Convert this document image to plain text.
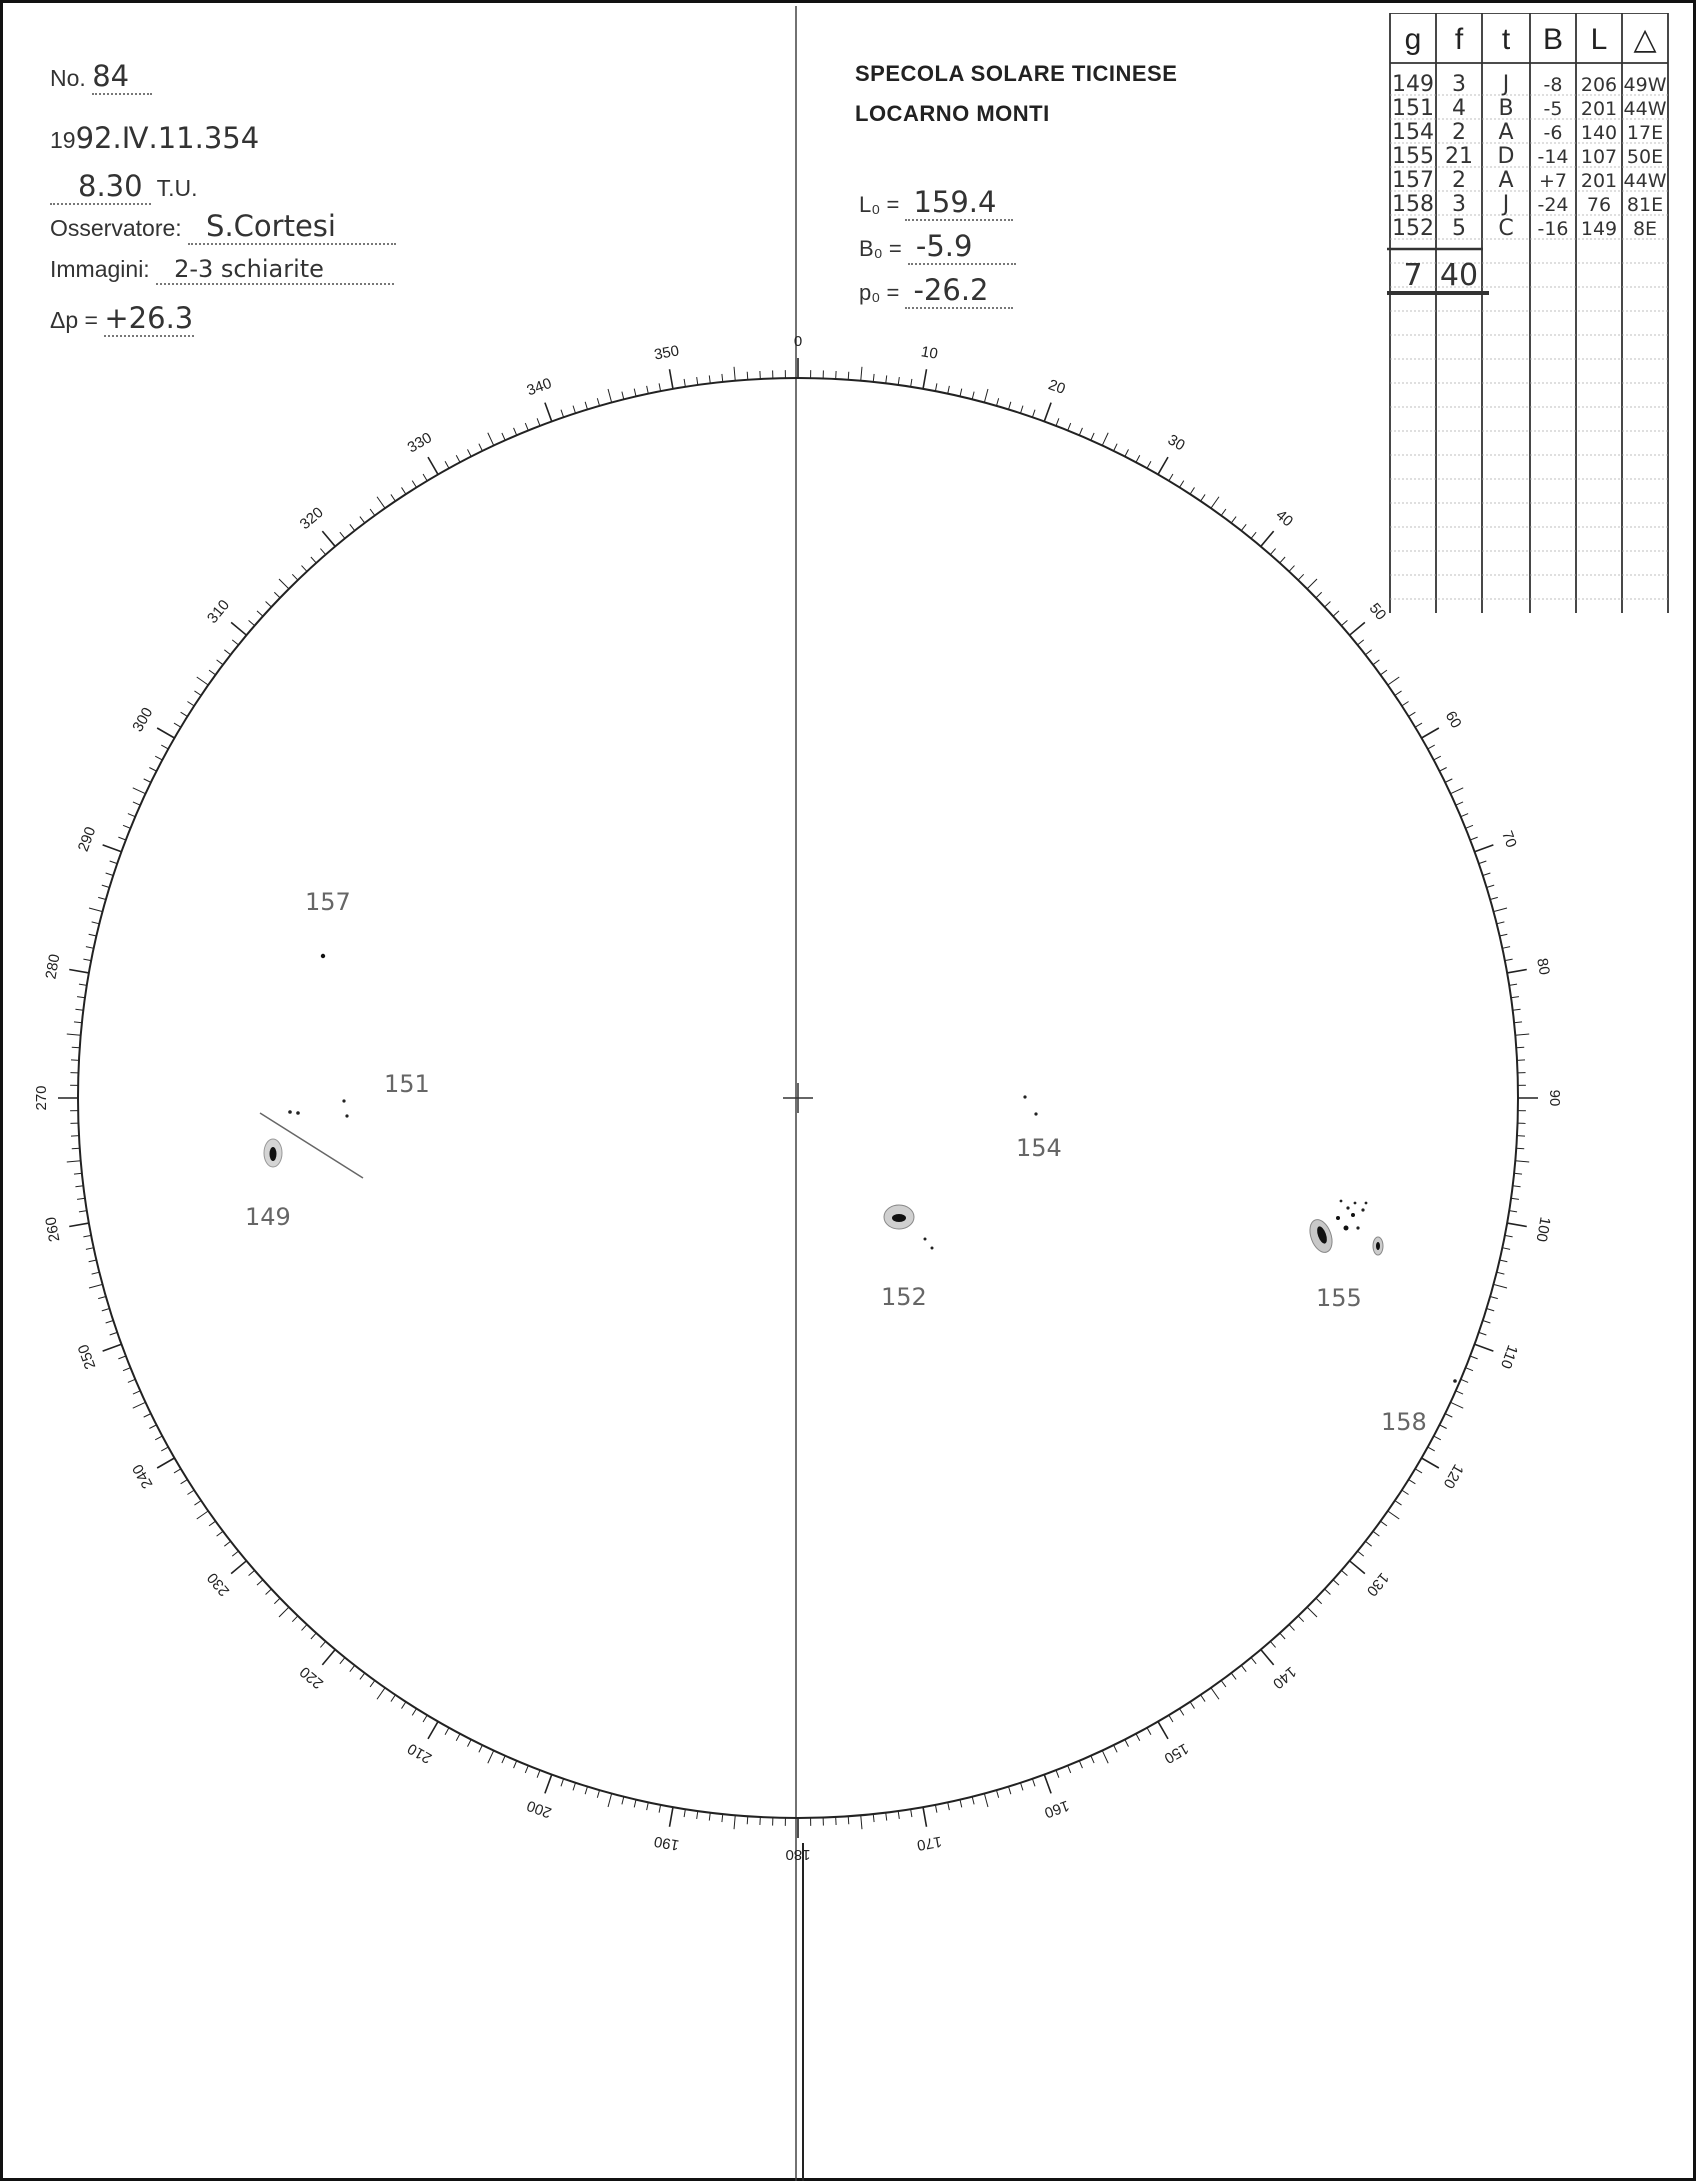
No. 84
1992.Ⅳ.11.354
8.30 T.U.
Osservatore: S.Cortesi
Immagini: 2-3 schiarite
Δp = +26.3
SPECOLA SOLARE TICINESE
LOCARNO MONTI
L₀ = 159.4
B₀ = -5.9
p₀ = -26.2
0
10
20
30
40
50
60
70
80
90
100
110
120
130
140
150
160
170
180
190
200
210
220
230
240
250
260
270
280
290
300
310
320
330
340
350
157
151
149
154
152	155
158
g f t B L △
149 3 J -8 206 49W
151 4 B -5 201 44W
154 2 A -6 140 17E
155 21 D -14 107 50E
157 2 A +7 201 44W
158 3 J -24 76 81E
152 5 C -16 149 8E
7 40
